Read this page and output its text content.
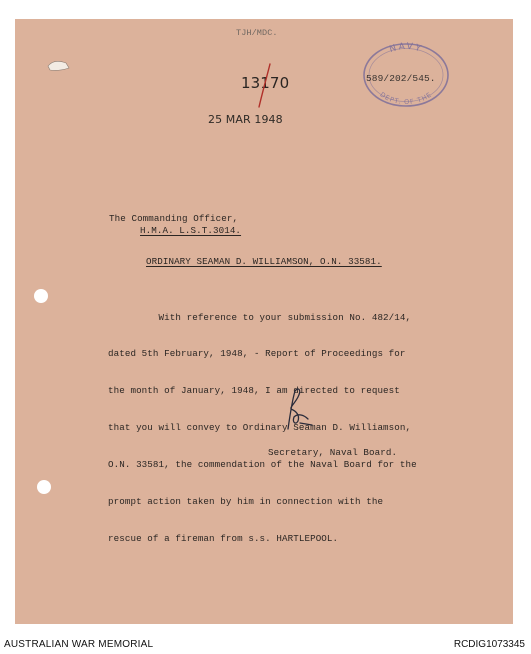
TJH/MDC.
13170
25 MAR 1948
NAVY
DEPT. OF THE
589/202/545.
The Commanding Officer,
H.M.A. L.S.T.3014.
ORDINARY SEAMAN D. WILLIAMSON, O.N. 33581.

With reference to your submission No. 482/14,

dated 5th February, 1948, - Report of Proceedings for

the month of January, 1948, I am directed to request

that you will convey to Ordinary Seaman D. Williamson,

O.N. 33581, the commendation of the Naval Board for the

prompt action taken by him in connection with the

rescue of a fireman from s.s. HARTLEPOOL.

Secretary, Naval Board.
AUSTRALIAN WAR MEMORIAL	RCDIG1073345
